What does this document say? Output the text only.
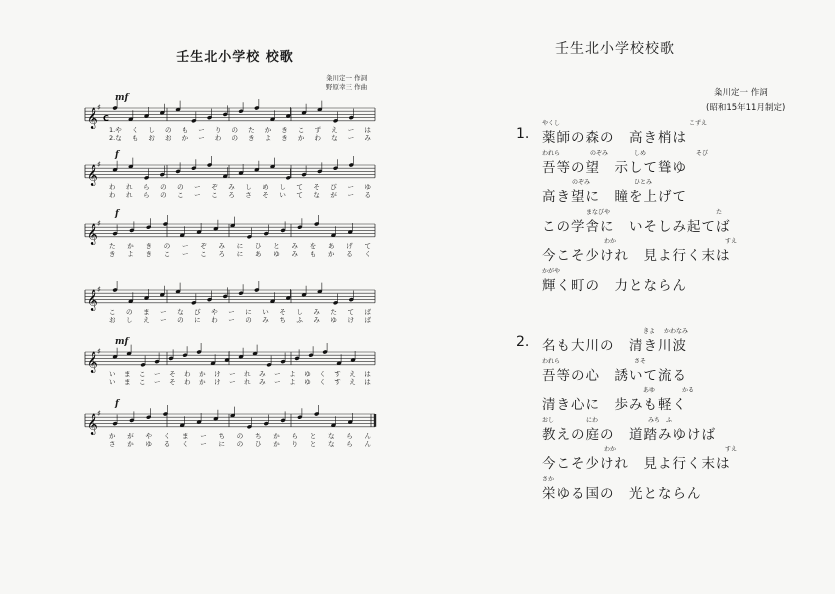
壬生北小学校 校歌
粂川定一 作詞
野原幸三 作曲
𝄞
♯
C
mf
1.や く し の も ー り の た か き こ ず え ー は
2.な も お お か ー わ の き よ き か わ な ー み
𝄞
♯
f
わ れ ら の の ー ぞ み し め し て そ び ー ゆ
わ れ ら の こ ー こ ろ さ そ い て な が ー る
𝄞
♯
f
た か き の ー ぞ み に ひ と み を あ げ て
き よ き こ ー こ ろ に あ ゆ み も か る く
𝄞
♯
こ の ま ー な び や ー に い そ し み た て ば
お し え ー の に わ ー の み ち ふ み ゆ け ば
𝄞
♯
mf
い ま こ ー そ わ か け ー れ み ー よ ゆ く す え は
い ま こ ー そ わ か け ー れ み ー よ ゆ く す え は
𝄞
♯
f
か が や く ま ー ち の ち か ら と な ら ん
さ か ゆ る く ー に の ひ か り と な ら ん
壬生北小学校校歌
粂川定一 作詞
(昭和15年11月制定)
1. 薬師の森の　高き梢は
やくし	こずえ
吾等の望　示して聳ゆ
われら	のぞみ	しめ	そび
高き望に　瞳を上げて
のぞみ	ひとみ
この学舎に　いそしみ起てば
まなびや	た
今こそ少けれ　見よ行く末は
わか	すえ
輝く町の　力とならん
かがや
2. 名も大川の　清き川波
きよ かわなみ
吾等の心　誘いて流る
われら	さそ
清き心に　歩みも軽く
あゆ	かる
教えの庭の　道踏みゆけば
おし	にわ	みち ふ
今こそ少けれ　見よ行く末は
わか	すえ
栄ゆる国の　光とならん
さか
